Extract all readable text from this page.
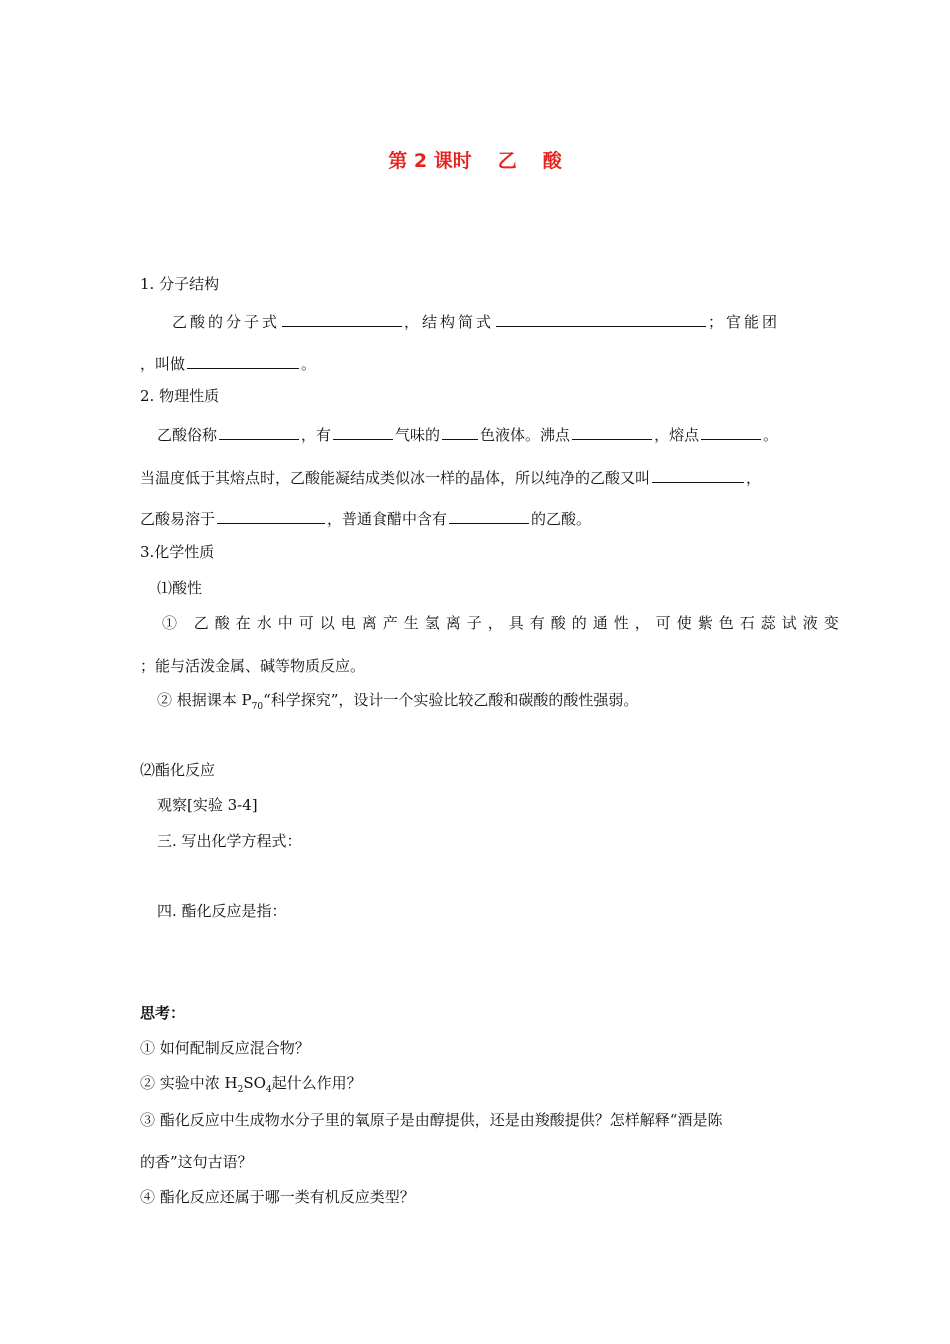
第 2 课时 乙 酸
1. 分子结构
乙酸的分子式	，结构简式	；官能团
，叫做	。
2. 物理性质
乙酸俗称	，有	气味的	色液体。沸点	，熔点	。
当温度低于其熔点时，乙酸能凝结成类似冰一样的晶体，所以纯净的乙酸又叫	，
乙酸易溶于	，普通食醋中含有	的乙酸。
3.化学性质
⑴酸性
① 乙酸在水中可以电离产生氢离子，具有酸的通性，可使紫色石蕊试液变
；能与活泼金属、碱等物质反应。
② 根据课本 $P_{70}“$科学探究”，设计一个实验比较乙酸和碳酸的酸性强弱。
⑵酯化反应
观察[实验 3-4]
三. 写出化学方程式：
四. 酯化反应是指：
思考：
① 如何配制反应混合物？
② 实验中浓 $H_2SO_4$起什么作用？
③ 酯化反应中生成物水分子里的氧原子是由醇提供，还是由羧酸提供？怎样解释“酒是陈
的香”这句古语？
④ 酯化反应还属于哪一类有机反应类型？
